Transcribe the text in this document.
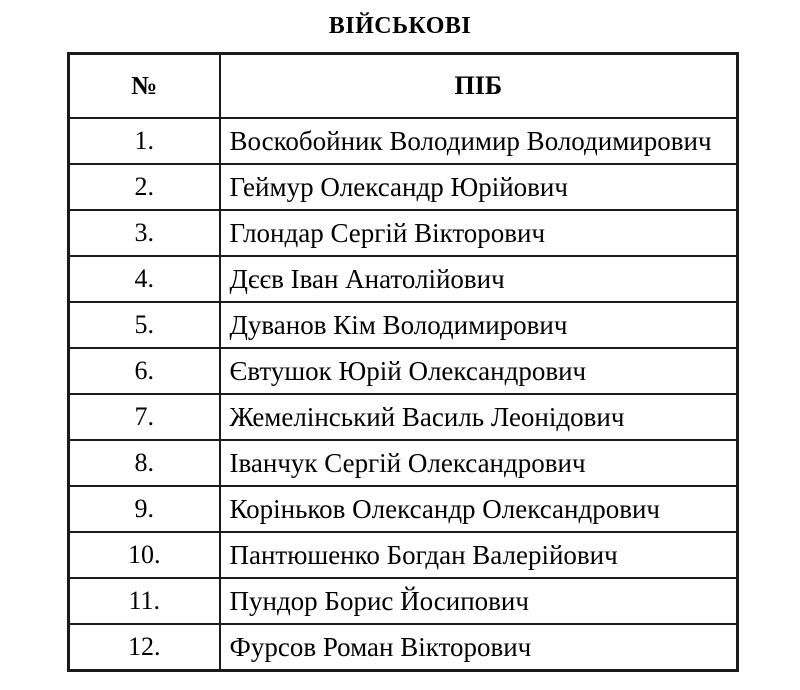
ВІЙСЬКОВІ
№	ПІБ
1.	Воскобойник Володимир Володимирович
2.	Геймур Олександр Юрійович
3.	Глондар Сергій Вікторович
4.	Дєєв Іван Анатолійович
5.	Дуванов Кім Володимирович
6.	Євтушок Юрій Олександрович
7.	Жемелінський Василь Леонідович
8.	Іванчук Сергій Олександрович
9.	Коріньков Олександр Олександрович
10.	Пантюшенко Богдан Валерійович
11.	Пундор Борис Йосипович
12.	Фурсов Роман Вікторович
